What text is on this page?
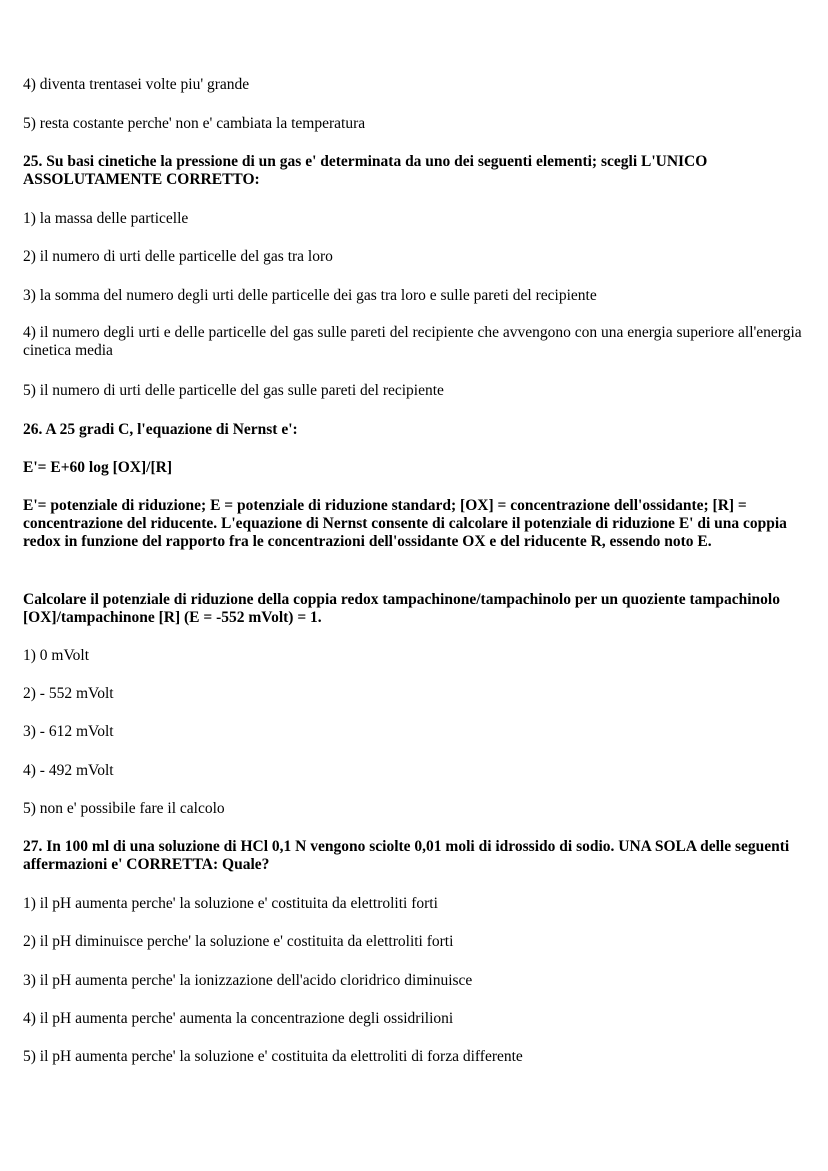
4) diventa trentasei volte piu' grande

5) resta costante perche' non e' cambiata la temperatura

25. Su basi cinetiche la pressione di un gas e' determinata da uno dei seguenti elementi; scegli L'UNICO ASSOLUTAMENTE CORRETTO:

1) la massa delle particelle

2) il numero di urti delle particelle del gas tra loro

3) la somma del numero degli urti delle particelle dei gas tra loro e sulle pareti del recipiente

4) il numero degli urti e delle particelle del gas sulle pareti del recipiente che avvengono con una energia superiore all'energia cinetica media

5) il numero di urti delle particelle del gas sulle pareti del recipiente

26. A 25 gradi C, l'equazione di Nernst e':

E'= E+60 log [OX]/[R]

E'= potenziale di riduzione; E = potenziale di riduzione standard; [OX] = concentrazione dell'ossidante; [R] = concentrazione del riducente. L'equazione di Nernst consente di calcolare il potenziale di riduzione E' di una coppia redox in funzione del rapporto fra le concentrazioni dell'ossidante OX e del riducente R, essendo noto E.

Calcolare il potenziale di riduzione della coppia redox tampachinone/tampachinolo per un quoziente tampachinolo [OX]/tampachinone [R] (E = -552 mVolt) = 1.

1) 0 mVolt

2) - 552 mVolt

3) - 612 mVolt

4) - 492 mVolt

5) non e' possibile fare il calcolo

27. In 100 ml di una soluzione di HCl 0,1 N vengono sciolte 0,01 moli di idrossido di sodio. UNA SOLA delle seguenti affermazioni e' CORRETTA: Quale?

1) il pH aumenta perche' la soluzione e' costituita da elettroliti forti

2) il pH diminuisce perche' la soluzione e' costituita da elettroliti forti

3) il pH aumenta perche' la ionizzazione dell'acido cloridrico diminuisce

4) il pH aumenta perche' aumenta la concentrazione degli ossidrilioni

5) il pH aumenta perche' la soluzione e' costituita da elettroliti di forza differente
